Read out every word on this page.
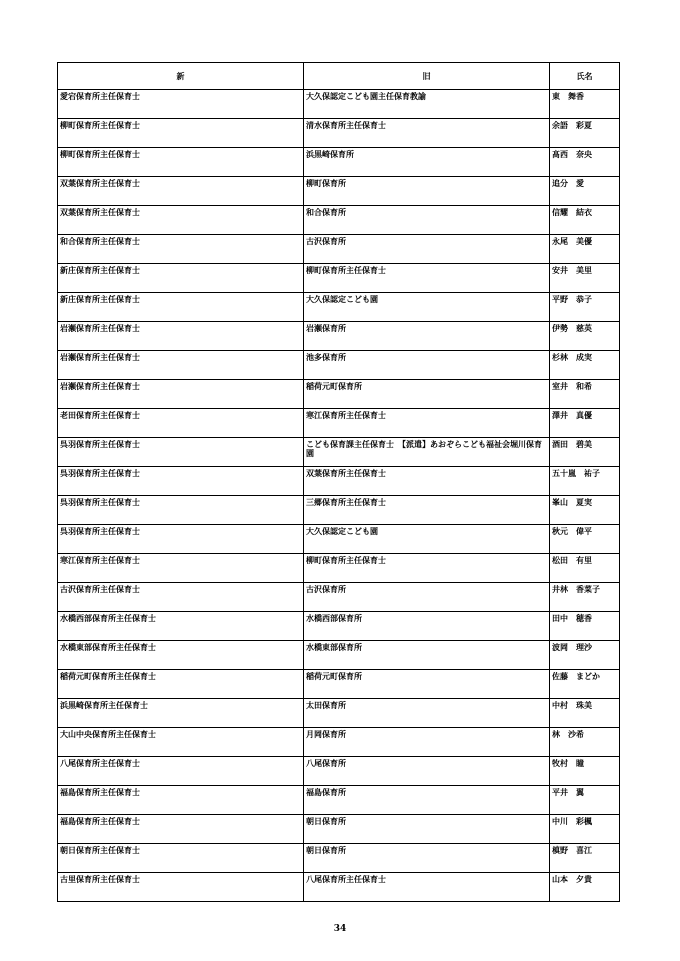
新	旧	氏名
愛宕保育所主任保育士	大久保認定こども園主任保育教諭	東　舞香
柳町保育所主任保育士	清水保育所主任保育士	余語　彩夏
柳町保育所主任保育士	浜黒崎保育所	髙西　奈央
双葉保育所主任保育士	柳町保育所	追分　愛
双葉保育所主任保育士	和合保育所	信耀　結衣
和合保育所主任保育士	古沢保育所	永尾　美優
新庄保育所主任保育士	柳町保育所主任保育士	安井　美里
新庄保育所主任保育士	大久保認定こども園	平野　恭子
岩瀬保育所主任保育士	岩瀬保育所	伊勢　慈英
岩瀬保育所主任保育士	池多保育所	杉林　成実
岩瀬保育所主任保育士	稲荷元町保育所	室井　和希
老田保育所主任保育士	寒江保育所主任保育士	澤井　真優
呉羽保育所主任保育士	こども保育課主任保育士　【派遣】あおぞらこども福祉会堀川保育園	酒田　碧美
呉羽保育所主任保育士	双葉保育所主任保育士	五十嵐　祐子
呉羽保育所主任保育士	三郷保育所主任保育士	峯山　夏実
呉羽保育所主任保育士	大久保認定こども園	秋元　偉平
寒江保育所主任保育士	柳町保育所主任保育士	松田　有里
古沢保育所主任保育士	古沢保育所	井林　香菜子
水橋西部保育所主任保育士	水橋西部保育所	田中　穂香
水橋東部保育所主任保育士	水橋東部保育所	波岡　理沙
稲荷元町保育所主任保育士	稲荷元町保育所	佐藤　まどか
浜黒崎保育所主任保育士	太田保育所	中村　珠美
大山中央保育所主任保育士	月岡保育所	林　沙希
八尾保育所主任保育士	八尾保育所	牧村　瞳
福島保育所主任保育士	福島保育所	平井　翼
福島保育所主任保育士	朝日保育所	中川　彩楓
朝日保育所主任保育士	朝日保育所	槙野　喜江
古里保育所主任保育士	八尾保育所主任保育士	山本　夕貴
34
